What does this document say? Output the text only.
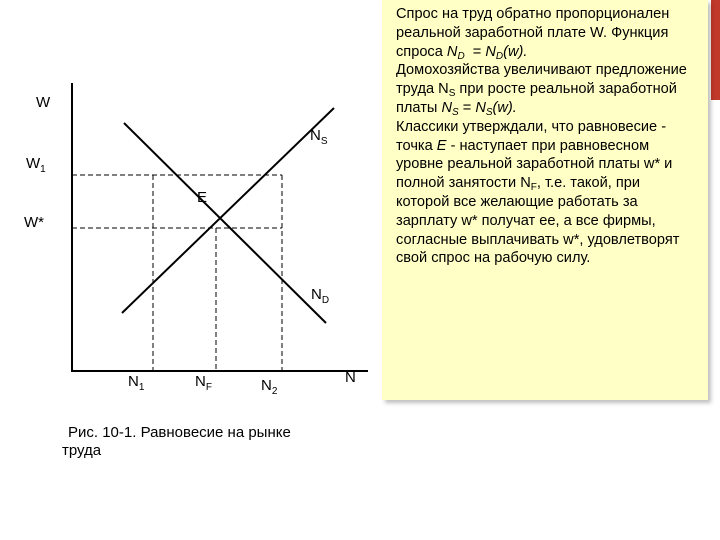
W
$W_1$
W*
$N_S$
E
$N_D$
$N_1$	$N_F$	$N_2$
N
Рис. 10-1. Равновесие на рынке
труда
Спрос на труд обратно пропорционален реальной заработной плате W. Функция спроса $N_D = N_D(w)$.
Домохозяйства увеличивают предложение труда $N_S$ при росте реальной заработной платы $N_S = N_S(w)$.
Классики утверждали, что равновесие - точка E - наступает при равновесном уровне реальной заработной платы w* и полной занятости $N_F$, т.е. такой, при которой все желающие работать за зарплату w* получат ее, а все фирмы, согласные выплачивать w*, удовлетворят свой спрос на рабочую силу.
